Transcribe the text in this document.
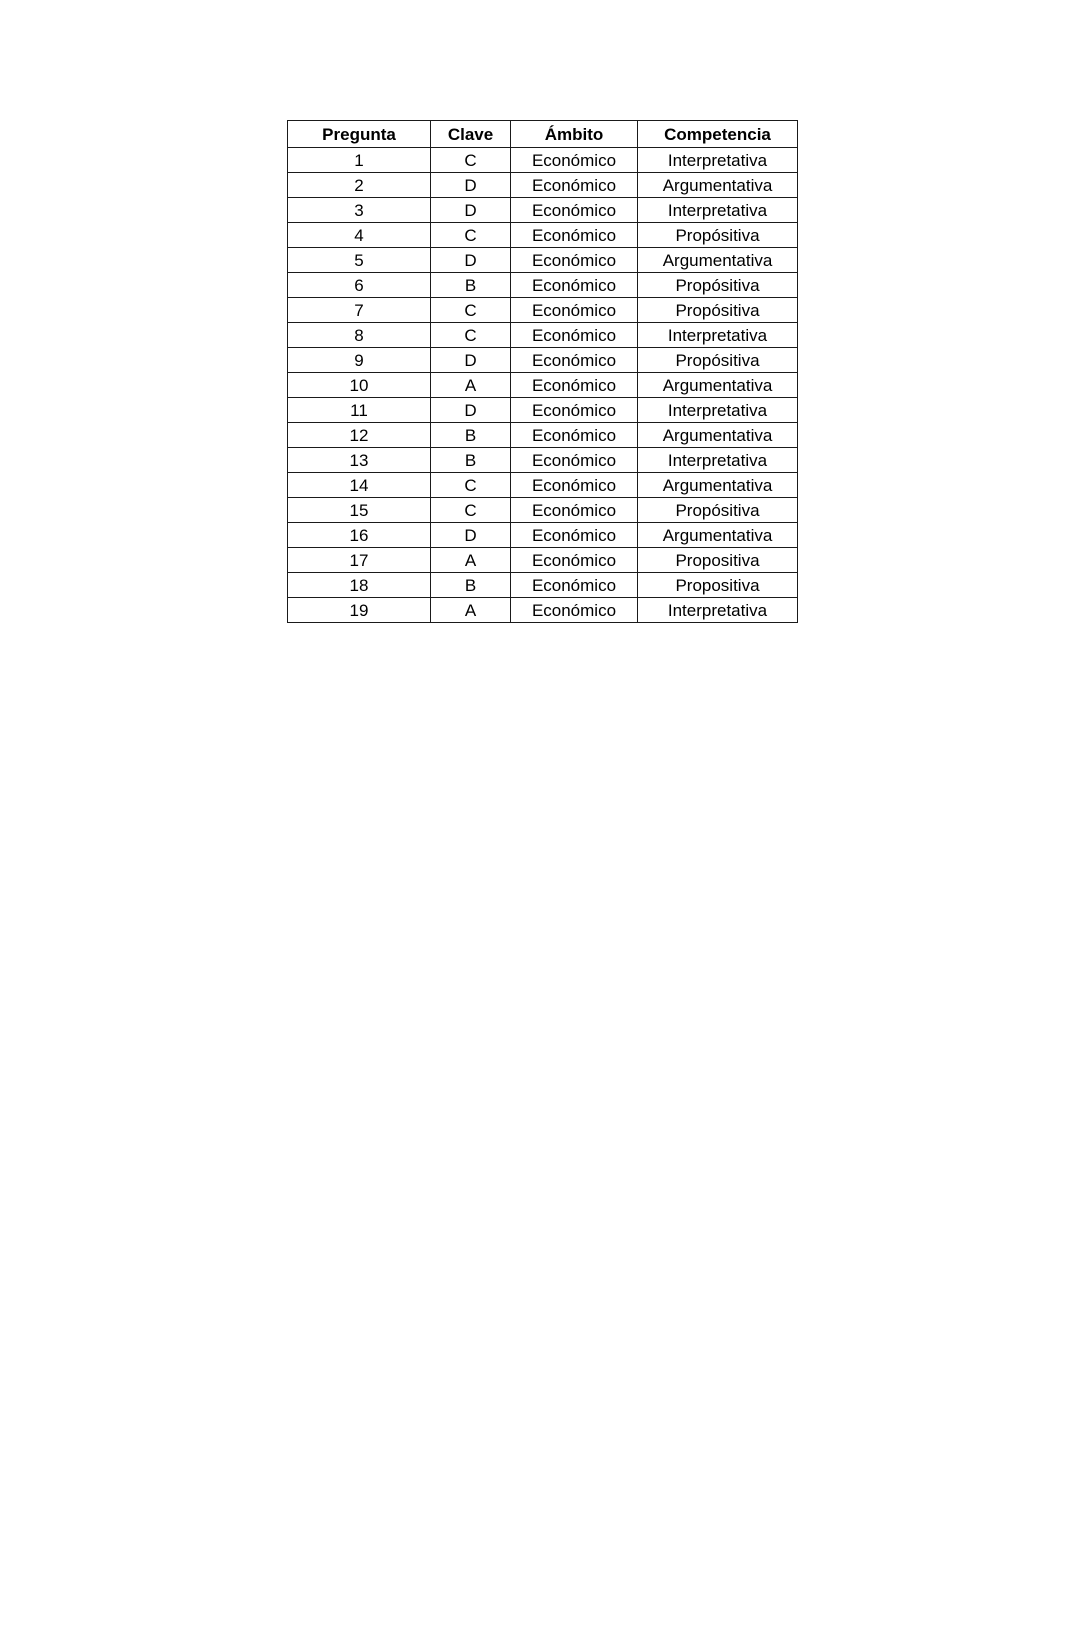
Pregunta	Clave	Ámbito	Competencia
1	C	Económico	Interpretativa
2	D	Económico	Argumentativa
3	D	Económico	Interpretativa
4	C	Económico	Propósitiva
5	D	Económico	Argumentativa
6	B	Económico	Propósitiva
7	C	Económico	Propósitiva
8	C	Económico	Interpretativa
9	D	Económico	Propósitiva
10	A	Económico	Argumentativa
11	D	Económico	Interpretativa
12	B	Económico	Argumentativa
13	B	Económico	Interpretativa
14	C	Económico	Argumentativa
15	C	Económico	Propósitiva
16	D	Económico	Argumentativa
17	A	Económico	Propositiva
18	B	Económico	Propositiva
19	A	Económico	Interpretativa
